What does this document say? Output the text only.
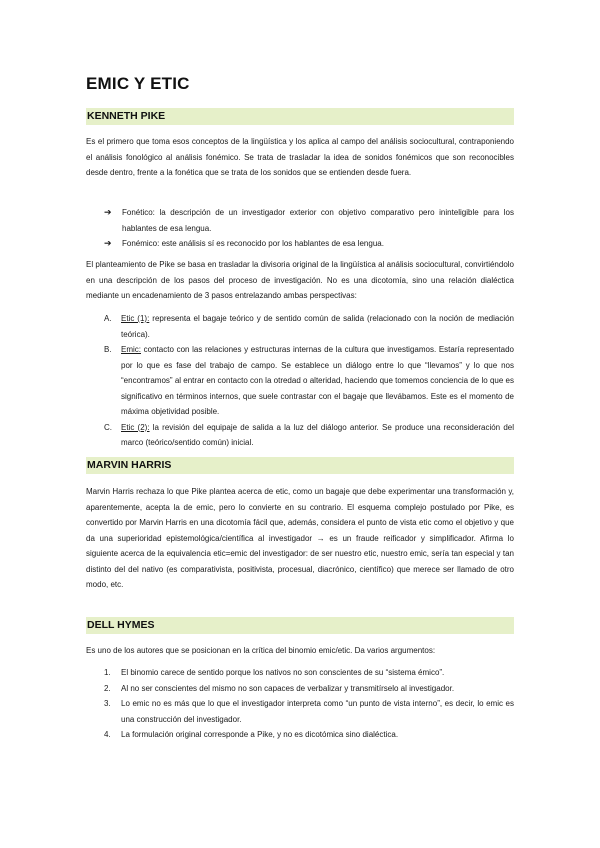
EMIC Y ETIC
KENNETH PIKE

Es el primero que toma esos conceptos de la lingüística y los aplica al campo del análisis sociocultural, contraponiendo el análisis fonológico al análisis fonémico. Se trata de trasladar la idea de sonidos fonémicos que son reconocibles desde dentro, frente a la fonética que se trata de los sonidos que se entienden desde fuera.

➔ Fonético: la descripción de un investigador exterior con objetivo comparativo pero ininteligible para los hablantes de esa lengua.
➔ Fonémico: este análisis sí es reconocido por los hablantes de esa lengua.

El planteamiento de Pike se basa en trasladar la divisoria original de la lingüística al análisis sociocultural, convirtiéndolo en una descripción de los pasos del proceso de investigación. No es una dicotomía, sino una relación dialéctica mediante un encadenamiento de 3 pasos entrelazando ambas perspectivas:

A. Etic (1): representa el bagaje teórico y de sentido común de salida (relacionado con la noción de mediación teórica).
B. Emic: contacto con las relaciones y estructuras internas de la cultura que investigamos. Estaría representado por lo que es fase del trabajo de campo. Se establece un diálogo entre lo que “llevamos” y lo que nos “encontramos” al entrar en contacto con la otredad o alteridad, haciendo que tomemos conciencia de lo que es significativo en términos internos, que suele contrastar con el bagaje que llevábamos. Este es el momento de máxima objetividad posible.
C. Etic (2): la revisión del equipaje de salida a la luz del diálogo anterior. Se produce una reconsideración del marco (teórico/sentido común) inicial.
MARVIN HARRIS

Marvin Harris rechaza lo que Pike plantea acerca de etic, como un bagaje que debe experimentar una transformación y, aparentemente, acepta la de emic, pero lo convierte en su contrario. El esquema complejo postulado por Pike, es convertido por Marvin Harris en una dicotomía fácil que, además, considera el punto de vista etic como el objetivo y que da una superioridad epistemológica/científica al investigador → es un fraude reificador y simplificador. Afirma lo siguiente acerca de la equivalencia etic=emic del investigador: de ser nuestro etic, nuestro emic, sería tan especial y tan distinto del del nativo (es comparativista, positivista, procesual, diacrónico, científico) que merece ser llamado de otro modo, etc.

DELL HYMES

Es uno de los autores que se posicionan en la crítica del binomio emic/etic. Da varios argumentos:

1. El binomio carece de sentido porque los nativos no son conscientes de su “sistema émico”.
2. Al no ser conscientes del mismo no son capaces de verbalizar y transmitírselo al investigador.
3. Lo emic no es más que lo que el investigador interpreta como “un punto de vista interno”, es decir, lo emic es una construcción del investigador.
4. La formulación original corresponde a Pike, y no es dicotómica sino dialéctica.
